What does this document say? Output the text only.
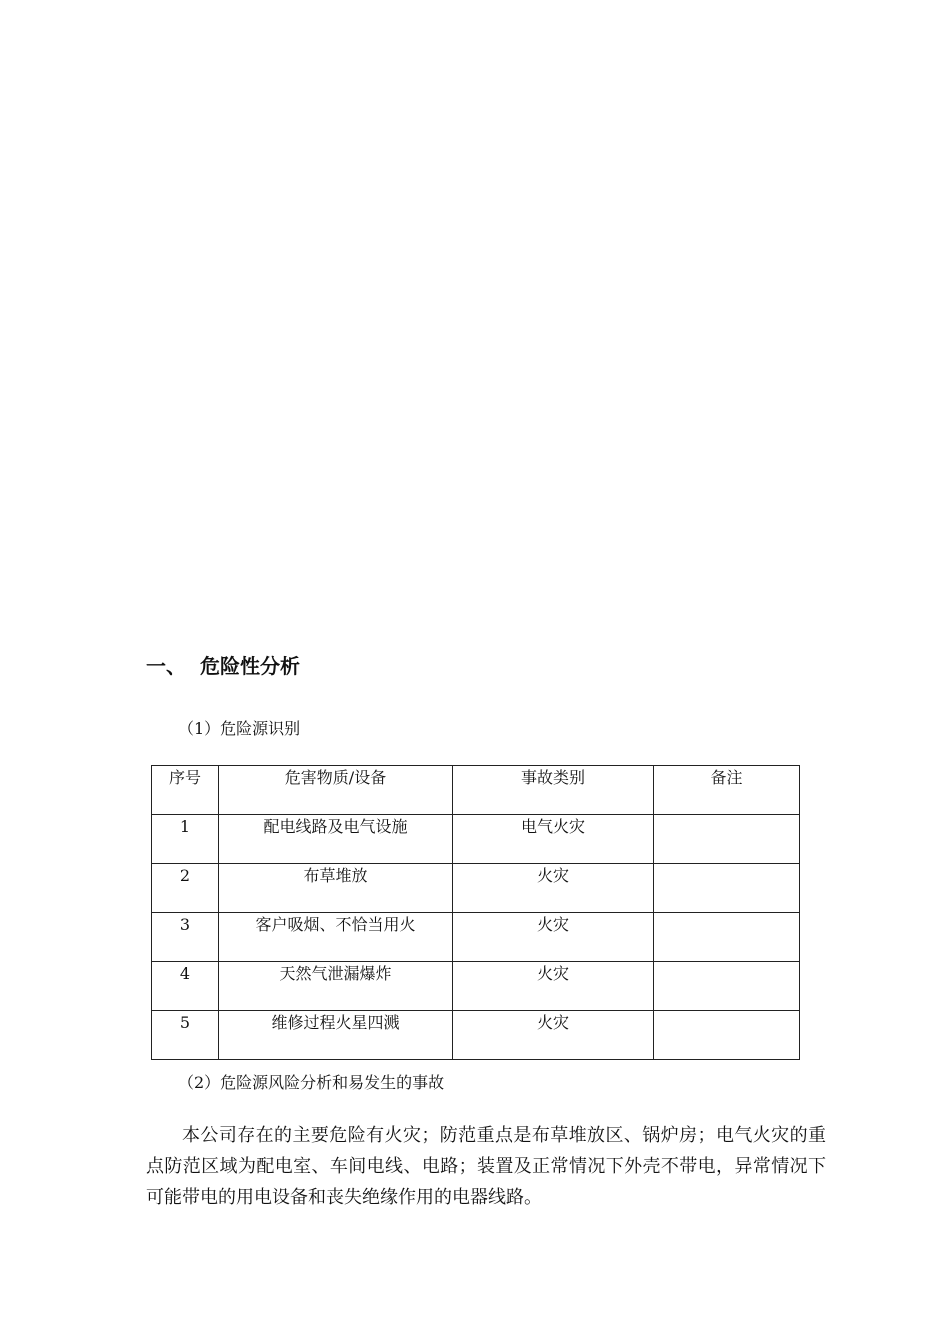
一、 危险性分析
（1）危险源识别
序号	危害物质/设备	事故类别	备注

1	配电线路及电气设施	电气火灾	

2	布草堆放	火灾	

3	客户吸烟、不恰当用火	火灾	

4	天然气泄漏爆炸	火灾	

5	维修过程火星四溅	火灾	

（2）危险源风险分析和易发生的事故

本公司存在的主要危险有火灾；防范重点是布草堆放区、锅炉房；电气火灾的重点防范区域为配电室、车间电线、电路；装置及正常情况下外壳不带电，异常情况下可能带电的用电设备和丧失绝缘作用的电器线路。
